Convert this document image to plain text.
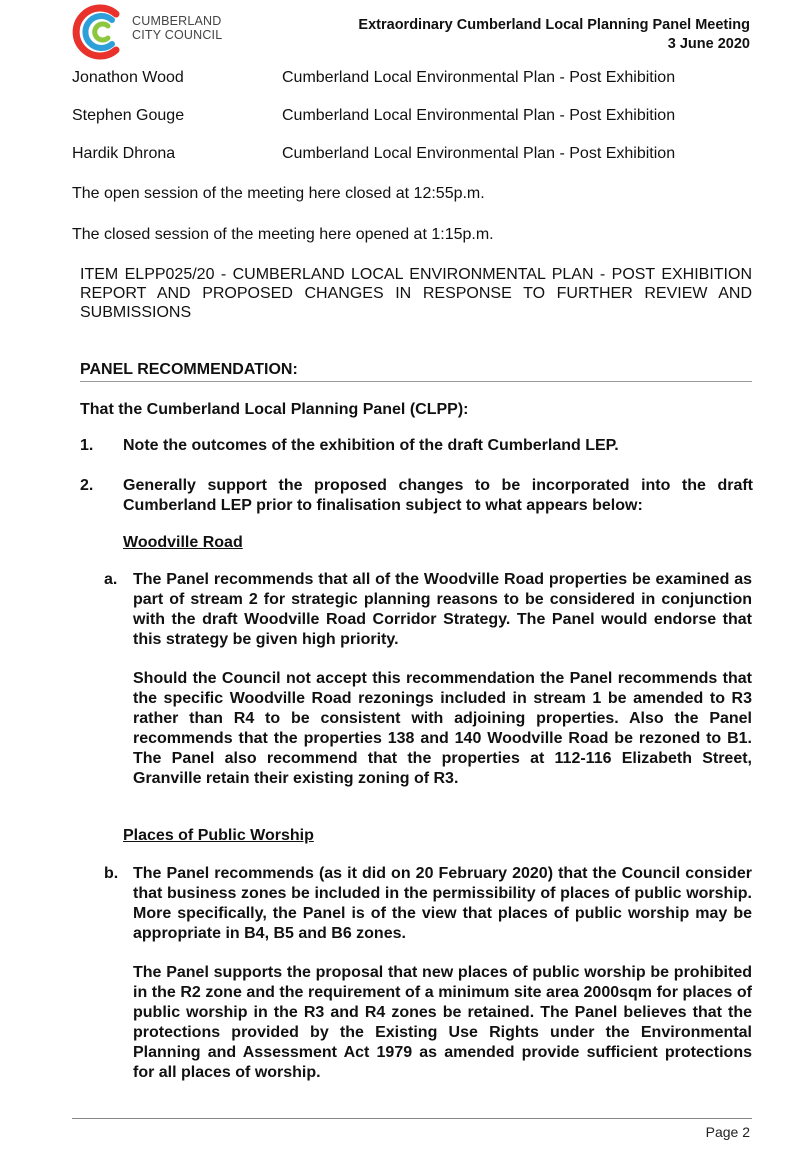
CUMBERLAND
CITY COUNCIL
Extraordinary Cumberland Local Planning Panel Meeting
3 June 2020
Jonathon Wood	Cumberland Local Environmental Plan - Post Exhibition
Stephen Gouge	Cumberland Local Environmental Plan - Post Exhibition
Hardik Dhrona	Cumberland Local Environmental Plan - Post Exhibition
The open session of the meeting here closed at 12:55p.m.
The closed session of the meeting here opened at 1:15p.m.
ITEM ELPP025/20 - CUMBERLAND LOCAL ENVIRONMENTAL PLAN - POST EXHIBITION REPORT AND PROPOSED CHANGES IN RESPONSE TO FURTHER REVIEW AND SUBMISSIONS
PANEL RECOMMENDATION:
That the Cumberland Local Planning Panel (CLPP):
1. Note the outcomes of the exhibition of the draft Cumberland LEP.
2. Generally support the proposed changes to be incorporated into the draft Cumberland LEP prior to finalisation subject to what appears below:
Woodville Road
a. The Panel recommends that all of the Woodville Road properties be examined as part of stream 2 for strategic planning reasons to be considered in conjunction with the draft Woodville Road Corridor Strategy. The Panel would endorse that this strategy be given high priority.
Should the Council not accept this recommendation the Panel recommends that the specific Woodville Road rezonings included in stream 1 be amended to R3 rather than R4 to be consistent with adjoining properties. Also the Panel recommends that the properties 138 and 140 Woodville Road be rezoned to B1. The Panel also recommend that the properties at 112-116 Elizabeth Street, Granville retain their existing zoning of R3.
Places of Public Worship
b. The Panel recommends (as it did on 20 February 2020) that the Council consider that business zones be included in the permissibility of places of public worship. More specifically, the Panel is of the view that places of public worship may be appropriate in B4, B5 and B6 zones.
The Panel supports the proposal that new places of public worship be prohibited in the R2 zone and the requirement of a minimum site area 2000sqm for places of public worship in the R3 and R4 zones be retained. The Panel believes that the protections provided by the Existing Use Rights under the Environmental Planning and Assessment Act 1979 as amended provide sufficient protections for all places of worship.
Page 2
